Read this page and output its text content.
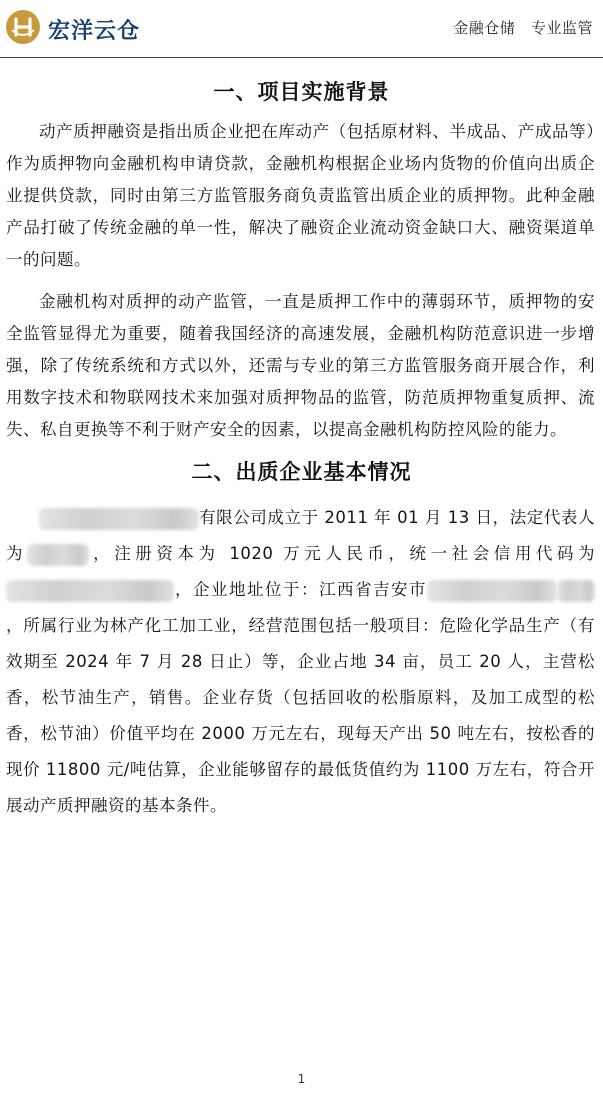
宏洋云仓	金融仓储   专业监管
一、项目实施背景

动产质押融资是指出质企业把在库动产（包括原材料、半成品、产成品等）作为质押物向金融机构申请贷款，金融机构根据企业场内货物的价值向出质企业提供贷款，同时由第三方监管服务商负责监管出质企业的质押物。此种金融产品打破了传统金融的单一性，解决了融资企业流动资金缺口大、融资渠道单一的问题。

金融机构对质押的动产监管，一直是质押工作中的薄弱环节，质押物的安全监管显得尤为重要，随着我国经济的高速发展，金融机构防范意识进一步增强，除了传统系统和方式以外，还需与专业的第三方监管服务商开展合作，利用数字技术和物联网技术来加强对质押物品的监管，防范质押物重复质押、流失、私自更换等不利于财产安全的因素，以提高金融机构防控风险的能力。

二、出质企业基本情况

有限公司成立于 2011 年 01 月 13 日，法定代表人为	，注册资本为 1020 万元人民币，统一社会信用代码为，企业地址位于：江西省吉安市，所属行业为林产化工加工业，经营范围包括一般项目：危险化学品生产（有效期至 2024 年 7 月 28 日止）等，企业占地 34 亩，员工 20 人，主营松香，松节油生产，销售。企业存货（包括回收的松脂原料，及加工成型的松香，松节油）价值平均在 2000 万元左右，现每天产出 50 吨左右，按松香的现价 11800 元/吨估算，企业能够留存的最低货值约为 1100 万左右，符合开展动产质押融资的基本条件。

1
